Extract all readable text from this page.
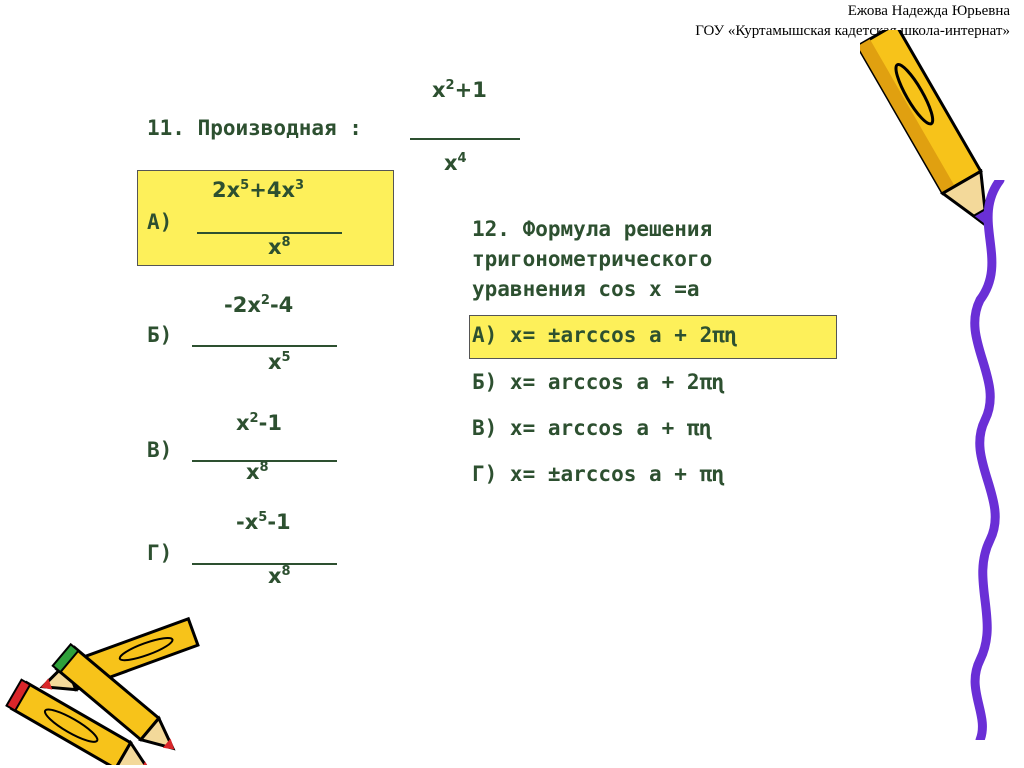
Ежова Надежда Юрьевна
ГОУ «Куртамышская кадетская школа-интернат»
$x^2+1$
11. Производная :
$x^4$
$2x^5+4x^3$
А)
$x^8$
$-2x^2-4$
Б)
$x^5$
$x^2-1$
В)
$x^8$
$-x^5-1$
Г)
$x^8$
12. Формула решения
тригонометрического
уравнения cos x =a
А) x= ±arccos a + 2πɳ
Б) x= arccos a + 2πɳ
В) x= arccos a + πɳ
Г) x= ±arccos a + πɳ
